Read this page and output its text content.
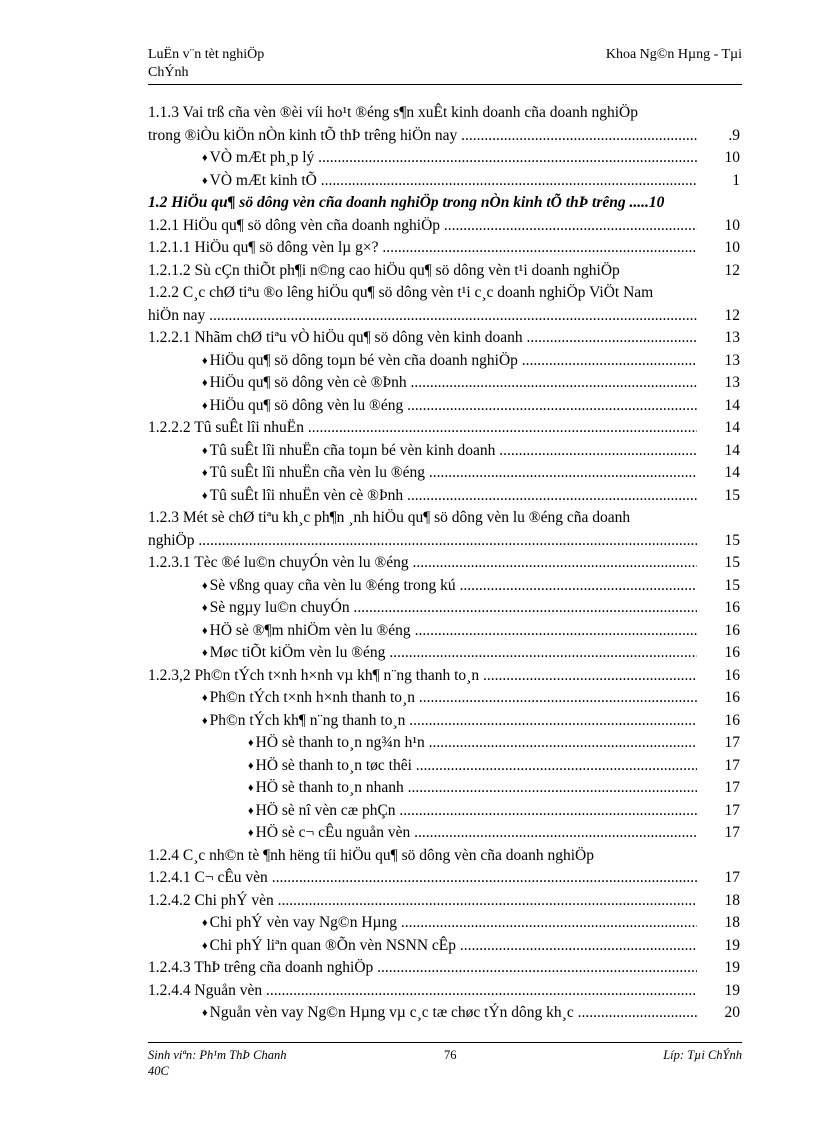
LuËn v¨n tèt nghiÖp
ChÝnh
Khoa Ng©n Hµng - Tµi
1.1.3 Vai trß cña vèn ®èi víi ho¹t ®éng s¶n xuÊt kinh doanh cña doanh nghiÖp
trong ®iÒu kiÖn nÒn kinh tÕ thÞ trêng hiÖn nay .....	.9
♦ VÒ mÆt ph¸p lý .....	10
♦ VÒ mÆt kinh tÕ .....	1
1.2 HiÖu qu¶ sö dông vèn cña doanh nghiÖp trong nÒn kinh tÕ thÞ trêng .....10
1.2.1 HiÖu qu¶ sö dông vèn cña doanh nghiÖp .....	10
1.2.1.1 HiÖu qu¶ sö dông vèn lµ g×? .....	10
1.2.1.2 Sù cÇn thiÕt ph¶i n©ng cao hiÖu qu¶ sö dông vèn t¹i doanh nghiÖp	12
1.2.2 C¸c chØ tiªu ®o lêng hiÖu qu¶ sö dông vèn t¹i c¸c doanh nghiÖp ViÖt Nam
hiÖn nay .....	12
1.2.2.1 Nhãm chØ tiªu vÒ hiÖu qu¶ sö dông vèn kinh doanh .....	13
♦ HiÖu qu¶ sö dông toµn bé vèn cña doanh nghiÖp .....	13
♦ HiÖu qu¶ sö dông vèn cè ®Þnh .....	13
♦ HiÖu qu¶ sö dông vèn lu ®éng .....	14
1.2.2.2 Tû suÊt lîi nhuËn .....	14
♦ Tû suÊt lîi nhuËn cña toµn bé vèn kinh doanh .....	14
♦ Tû suÊt lîi nhuËn cña vèn lu ®éng .....	14
♦ Tû suÊt lîi nhuËn vèn cè ®Þnh .....	15
1.2.3 Mét sè chØ tiªu kh¸c ph¶n ¸nh hiÖu qu¶ sö dông vèn lu ®éng cña doanh
nghiÖp .....	15
1.2.3.1 Tèc ®é lu©n chuyÓn vèn lu ®éng .....	15
♦ Sè vßng quay cña vèn lu ®éng trong kú .....	15
♦ Sè ngµy lu©n chuyÓn .....	16
♦ HÖ sè ®¶m nhiÖm vèn lu ®éng .....	16
♦ Møc tiÕt kiÖm vèn lu ®éng .....	16
1.2.3,2 Ph©n tÝch t×nh h×nh vµ kh¶ n¨ng thanh to¸n .....	16
♦ Ph©n tÝch t×nh h×nh thanh to¸n .....	16
♦ Ph©n tÝch kh¶ n¨ng thanh to¸n .....	16
♦ HÖ sè thanh to¸n ng¾n h¹n .....	17
♦ HÖ sè thanh to¸n tøc thêi .....	17
♦ HÖ sè thanh to¸n nhanh .....	17
♦ HÖ sè nî vèn cæ phÇn .....	17
♦ HÖ sè c¬ cÊu nguån vèn .....	17
1.2.4 C¸c nh©n tè ¶nh hëng tíi hiÖu qu¶ sö dông vèn cña doanh nghiÖp
1.2.4.1 C¬ cÊu vèn .....	17
1.2.4.2 Chi phÝ vèn .....	18
♦ Chi phÝ vèn vay Ng©n Hµng .....	18
♦ Chi phÝ liªn quan ®Õn vèn NSNN cÊp .....	19
1.2.4.3 ThÞ trêng cña doanh nghiÖp .....	19
1.2.4.4 Nguån vèn .....	19
♦ Nguån vèn vay Ng©n Hµng vµ c¸c tæ chøc tÝn dông kh¸c .....	20
Sinh viªn: Ph¹m ThÞ Chanh	76	Líp: Tµi ChÝnh
40C
